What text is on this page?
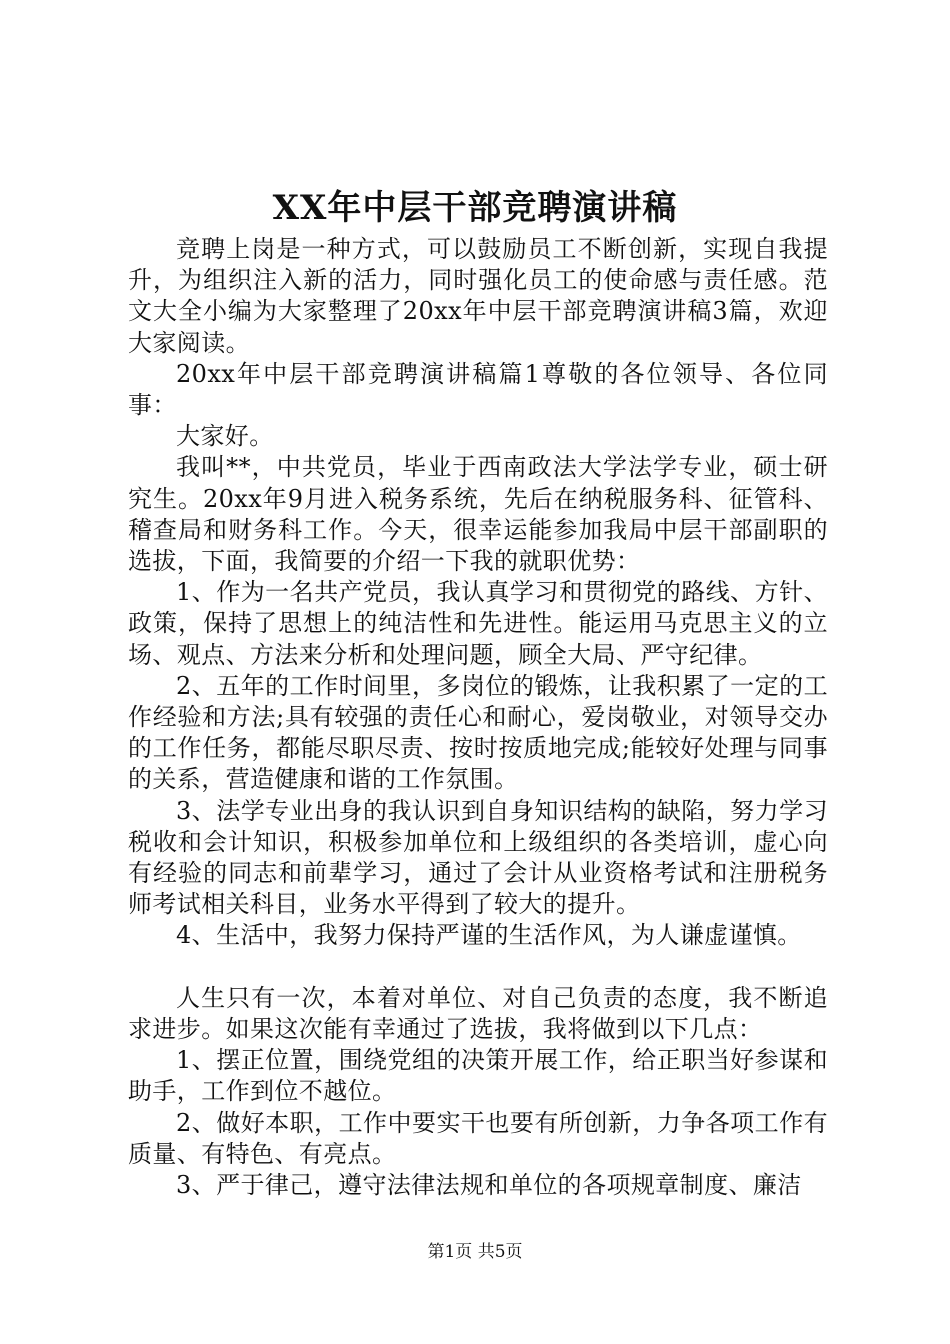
XX年中层干部竞聘演讲稿

竞聘上岗是一种方式，可以鼓励员工不断创新，实现自我提升，为组织注入新的活力，同时强化员工的使命感与责任感。范文大全小编为大家整理了20xx年中层干部竞聘演讲稿3篇，欢迎大家阅读。

20xx年中层干部竞聘演讲稿篇1尊敬的各位领导、各位同事：

大家好。

我叫**，中共党员，毕业于西南政法大学法学专业，硕士研究生。20xx年9月进入税务系统，先后在纳税服务科、征管科、稽查局和财务科工作。今天，很幸运能参加我局中层干部副职的选拔，下面，我简要的介绍一下我的就职优势：

1、作为一名共产党员，我认真学习和贯彻党的路线、方针、政策，保持了思想上的纯洁性和先进性。能运用马克思主义的立场、观点、方法来分析和处理问题，顾全大局、严守纪律。

2、五年的工作时间里，多岗位的锻炼，让我积累了一定的工作经验和方法;具有较强的责任心和耐心，爱岗敬业，对领导交办的工作任务，都能尽职尽责、按时按质地完成;能较好处理与同事的关系，营造健康和谐的工作氛围。

3、法学专业出身的我认识到自身知识结构的缺陷，努力学习税收和会计知识，积极参加单位和上级组织的各类培训，虚心向有经验的同志和前辈学习，通过了会计从业资格考试和注册税务师考试相关科目，业务水平得到了较大的提升。

4、生活中，我努力保持严谨的生活作风，为人谦虚谨慎。

人生只有一次，本着对单位、对自己负责的态度，我不断追求进步。如果这次能有幸通过了选拔，我将做到以下几点：

1、摆正位置，围绕党组的决策开展工作，给正职当好参谋和助手，工作到位不越位。

2、做好本职，工作中要实干也要有所创新，力争各项工作有质量、有特色、有亮点。

3、严于律己，遵守法律法规和单位的各项规章制度、廉洁

第1页 共5页
